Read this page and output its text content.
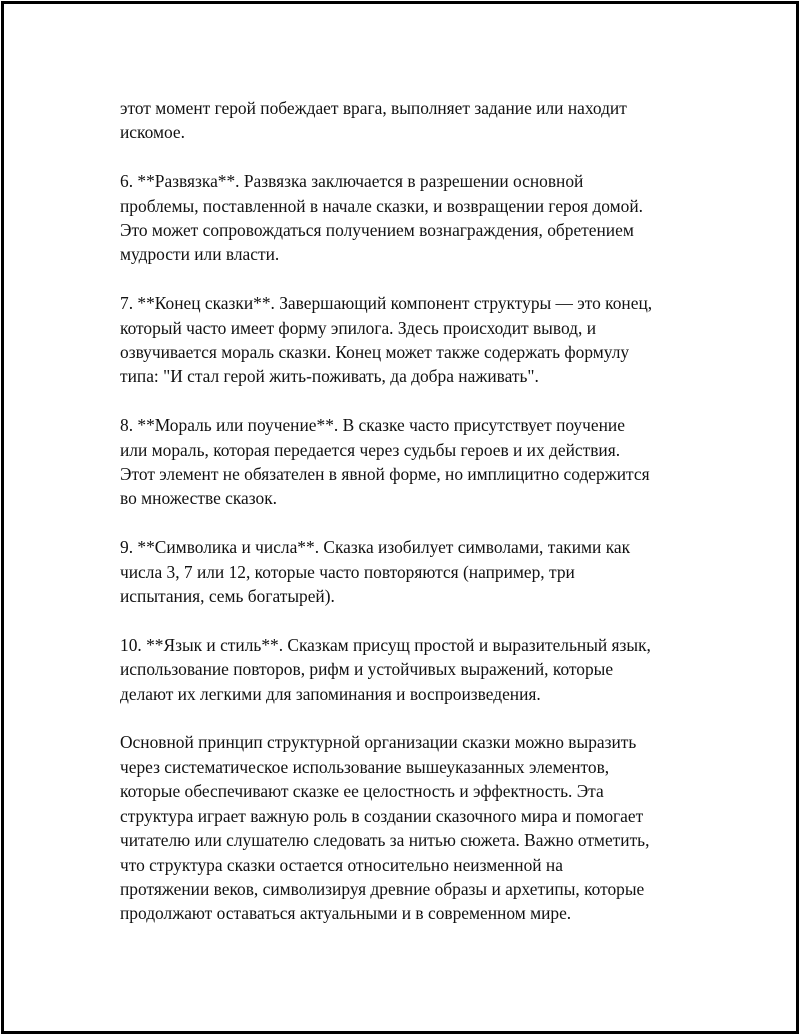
этот момент герой побеждает врага, выполняет задание или находит
искомое.

6. **Развязка**. Развязка заключается в разрешении основной
проблемы, поставленной в начале сказки, и возвращении героя домой.
Это может сопровождаться получением вознаграждения, обретением
мудрости или власти.

7. **Конец сказки**. Завершающий компонент структуры — это конец,
который часто имеет форму эпилога. Здесь происходит вывод, и
озвучивается мораль сказки. Конец может также содержать формулу
типа: "И стал герой жить-поживать, да добра наживать".

8. **Мораль или поучение**. В сказке часто присутствует поучение
или мораль, которая передается через судьбы героев и их действия.
Этот элемент не обязателен в явной форме, но имплицитно содержится
во множестве сказок.

9. **Символика и числа**. Сказка изобилует символами, такими как
числа 3, 7 или 12, которые часто повторяются (например, три
испытания, семь богатырей).

10. **Язык и стиль**. Сказкам присущ простой и выразительный язык,
использование повторов, рифм и устойчивых выражений, которые
делают их легкими для запоминания и воспроизведения.

Основной принцип структурной организации сказки можно выразить
через систематическое использование вышеуказанных элементов,
которые обеспечивают сказке ее целостность и эффектность. Эта
структура играет важную роль в создании сказочного мира и помогает
читателю или слушателю следовать за нитью сюжета. Важно отметить,
что структура сказки остается относительно неизменной на
протяжении веков, символизируя древние образы и архетипы, которые
продолжают оставаться актуальными и в современном мире.
